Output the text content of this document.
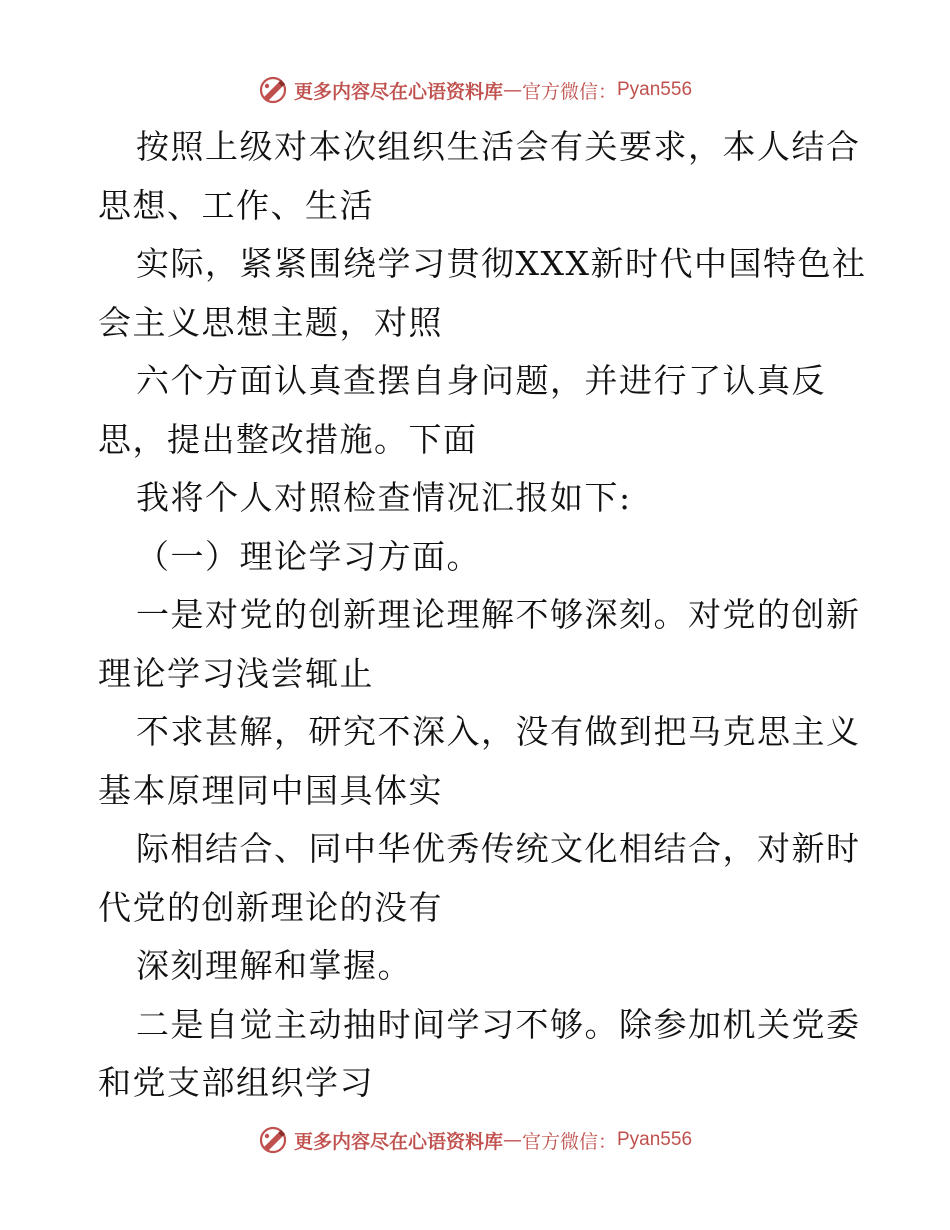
更多内容尽在心语资料库 — 官方微信： Pyan556
按照上级对本次组织生活会有关要求，本人结合
思想、工作、生活
实际，紧紧围绕学习贯彻XXX新时代中国特色社
会主义思想主题，对照
六个方面认真查摆自身问题，并进行了认真反
思，提出整改措施。下面
我将个人对照检查情况汇报如下:
（一）理论学习方面。
一是对党的创新理论理解不够深刻。对党的创新
理论学习浅尝辄止
不求甚解，研究不深入，没有做到把马克思主义
基本原理同中国具体实
际相结合、同中华优秀传统文化相结合，对新时
代党的创新理论的没有
深刻理解和掌握。
二是自觉主动抽时间学习不够。除参加机关党委
和党支部组织学习
更多内容尽在心语资料库 — 官方微信： Pyan556
